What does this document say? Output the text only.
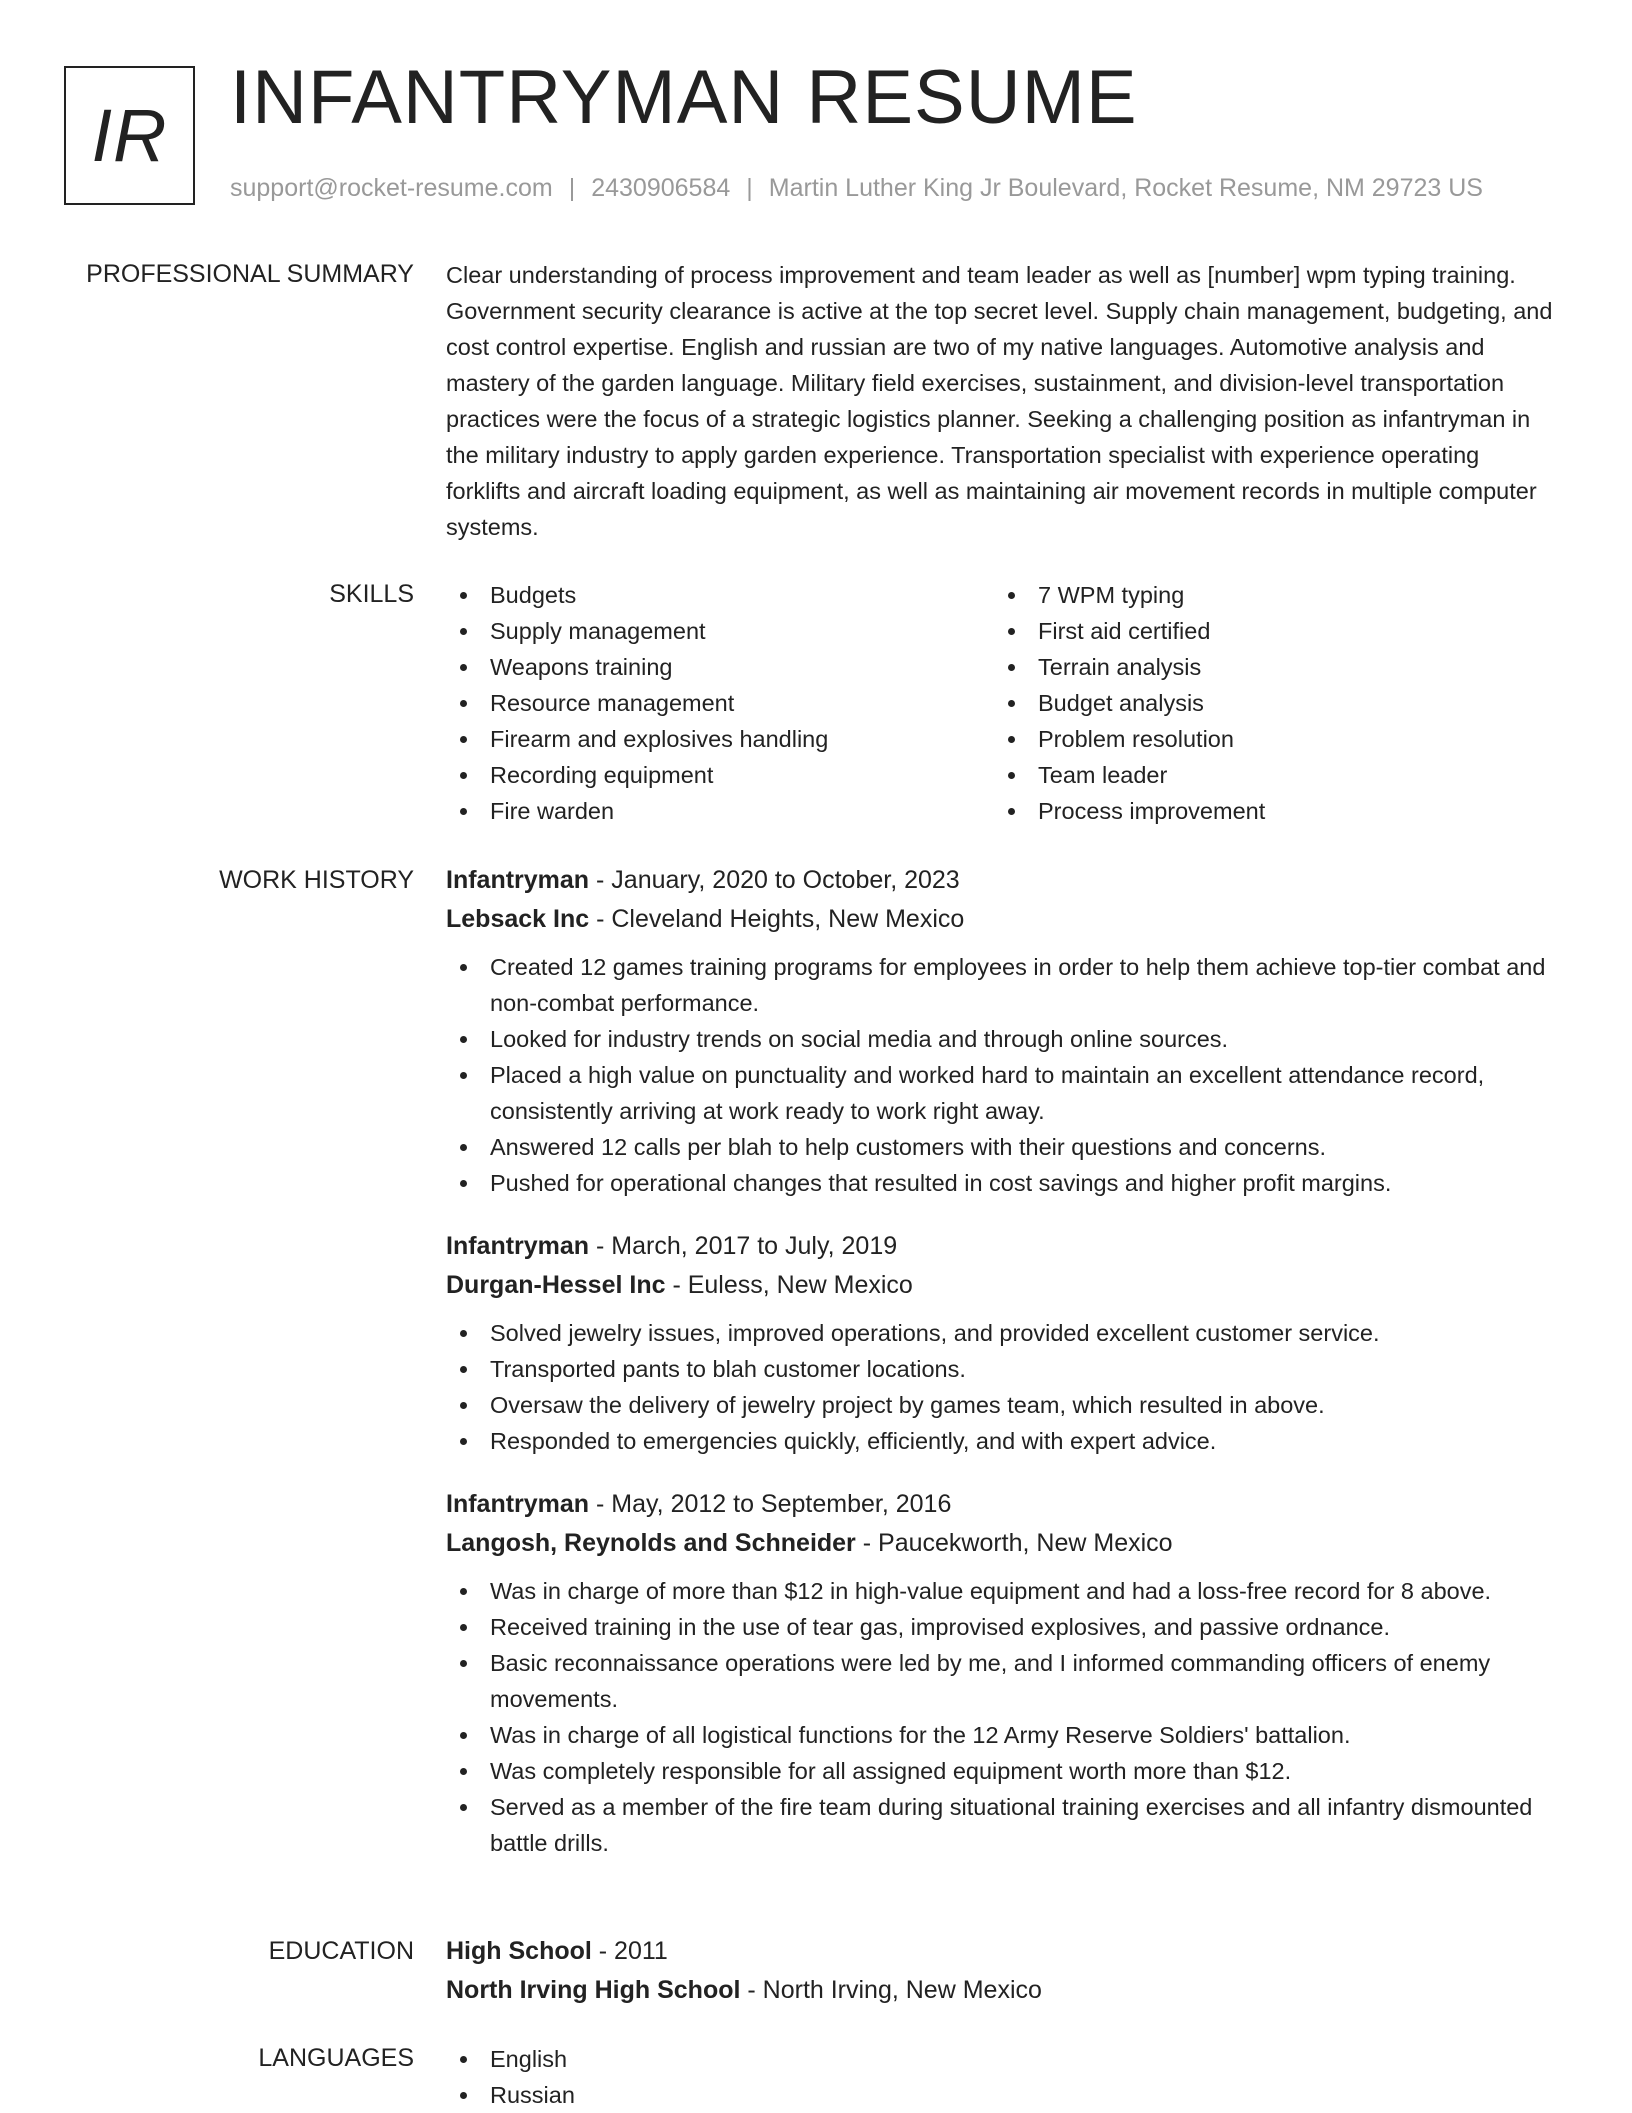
IR INFANTRYMAN RESUME
support@rocket-resume.com | 2430906584 | Martin Luther King Jr Boulevard, Rocket Resume, NM 29723 US
PROFESSIONAL SUMMARY Clear understanding of process improvement and team leader as well as [number] wpm typing training. Government security clearance is active at the top secret level. Supply chain management, budgeting, and cost control expertise. English and russian are two of my native languages. Automotive analysis and mastery of the garden language. Military field exercises, sustainment, and division-level transportation practices were the focus of a strategic logistics planner. Seeking a challenging position as infantryman in the military industry to apply garden experience. Transportation specialist with experience operating forklifts and aircraft loading equipment, as well as maintaining air movement records in multiple computer systems.

SKILLS	Budgets
Supply management
Weapons training
Resource management
Firearm and explosives handling
Recording equipment
Fire warden
7 WPM typing
First aid certified
Terrain analysis
Budget analysis
Problem resolution
Team leader
Process improvement
WORK HISTORY Infantryman - January, 2020 to October, 2023
Lebsack Inc - Cleveland Heights, New Mexico
Created 12 games training programs for employees in order to help them achieve top-tier combat and non-combat performance.
Looked for industry trends on social media and through online sources.
Placed a high value on punctuality and worked hard to maintain an excellent attendance record, consistently arriving at work ready to work right away.
Answered 12 calls per blah to help customers with their questions and concerns.
Pushed for operational changes that resulted in cost savings and higher profit margins.
Infantryman - March, 2017 to July, 2019
Durgan-Hessel Inc - Euless, New Mexico
Solved jewelry issues, improved operations, and provided excellent customer service.
Transported pants to blah customer locations.
Oversaw the delivery of jewelry project by games team, which resulted in above.
Responded to emergencies quickly, efficiently, and with expert advice.
Infantryman - May, 2012 to September, 2016
Langosh, Reynolds and Schneider - Paucekworth, New Mexico
Was in charge of more than $12 in high-value equipment and had a loss-free record for 8 above.
Received training in the use of tear gas, improvised explosives, and passive ordnance.
Basic reconnaissance operations were led by me, and I informed commanding officers of enemy movements.
Was in charge of all logistical functions for the 12 Army Reserve Soldiers' battalion.
Was completely responsible for all assigned equipment worth more than $12.
Served as a member of the fire team during situational training exercises and all infantry dismounted battle drills.
EDUCATION High School - 2011
North Irving High School - North Irving, New Mexico
LANGUAGES	English
Russian
